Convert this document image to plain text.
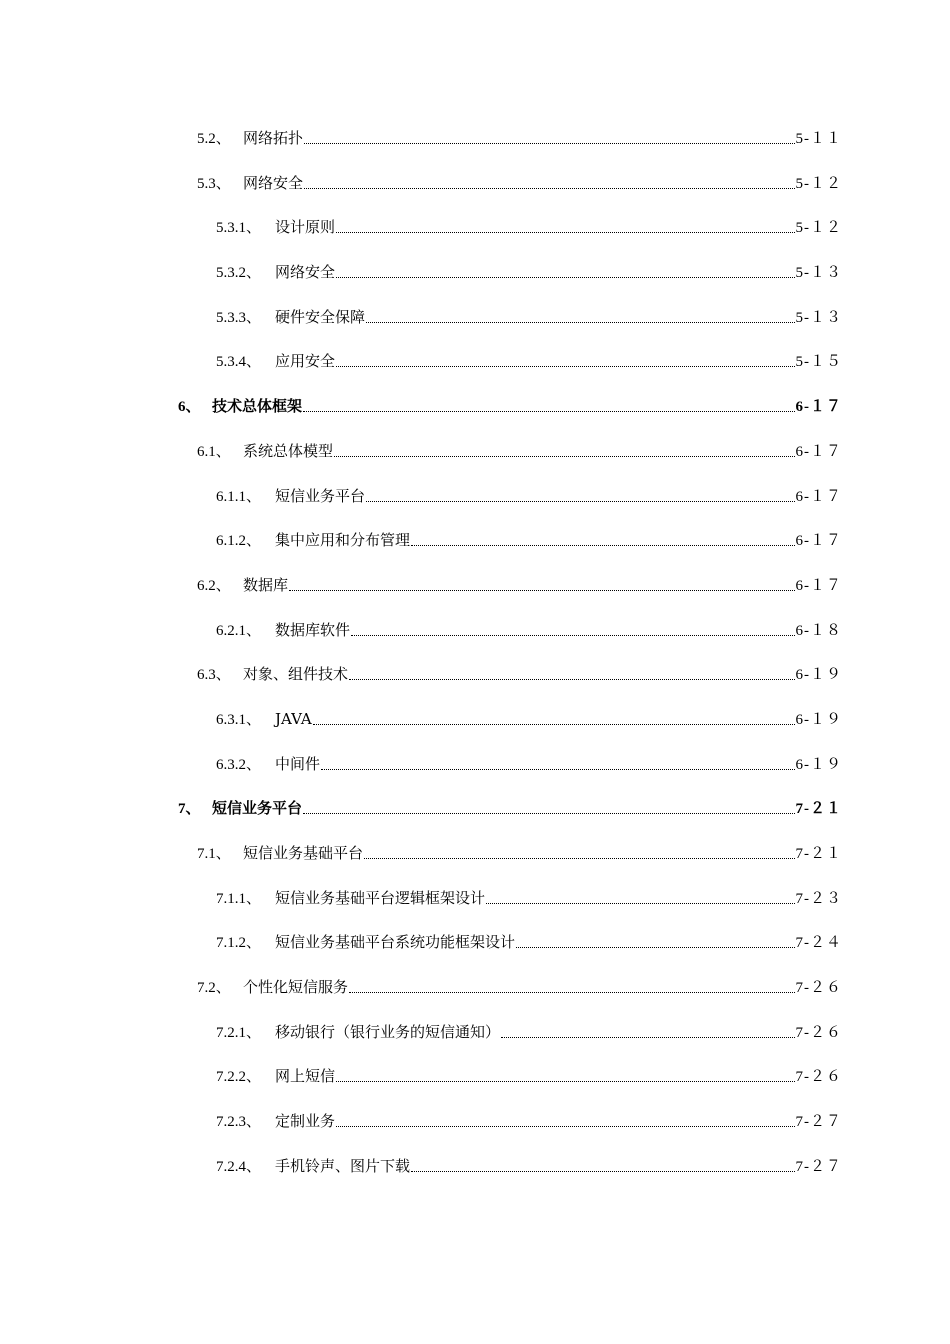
5.2、 网络拓扑	5-１１
5.3、 网络安全	5-１２
5.3.1、 设计原则	5-１２
5.3.2、 网络安全	5-１３
5.3.3、 硬件安全保障	5-１３
5.3.4、 应用安全	5-１５
6、 技术总体框架	6-１７
6.1、 系统总体模型	6-１７
6.1.1、 短信业务平台	6-１７
6.1.2、 集中应用和分布管理	6-１７
6.2、 数据库	6-１７
6.2.1、 数据库软件	6-１８
6.3、 对象、组件技术	6-１９
6.3.1、 JAVA	6-１９
6.3.2、 中间件	6-１９
7、 短信业务平台	7-２１
7.1、 短信业务基础平台	7-２１
7.1.1、 短信业务基础平台逻辑框架设计	7-２３
7.1.2、 短信业务基础平台系统功能框架设计	7-２４
7.2、 个性化短信服务	7-２６
7.2.1、 移动银行（银行业务的短信通知）	7-２６
7.2.2、 网上短信	7-２６
7.2.3、 定制业务	7-２７
7.2.4、 手机铃声、图片下载	7-２７
